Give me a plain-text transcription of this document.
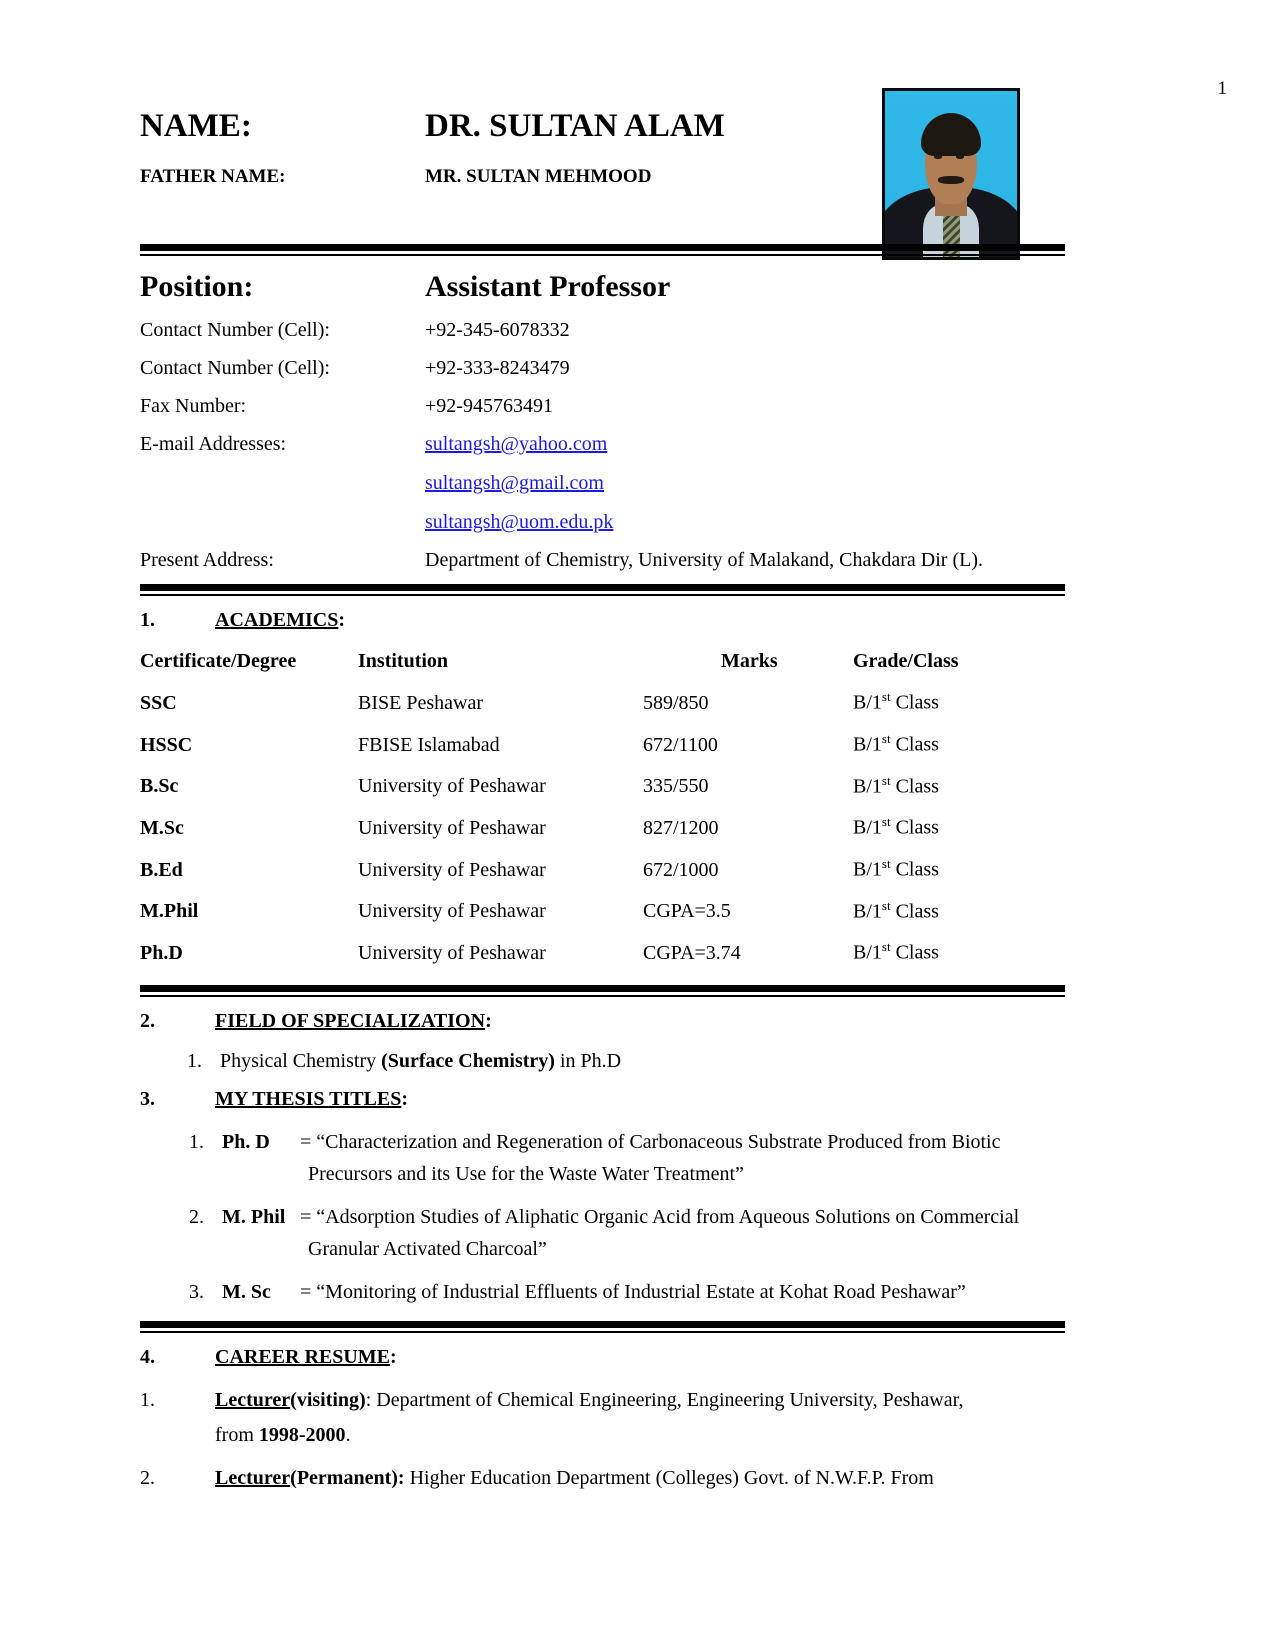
1
NAME:	DR. SULTAN ALAM
FATHER NAME:	MR. SULTAN MEHMOOD
Position:	Assistant Professor
Contact Number (Cell):	+92-345-6078332
Contact Number (Cell):	+92-333-8243479
Fax Number:	+92-945763491
E-mail Addresses:	sultangsh@yahoo.com
sultangsh@gmail.com
sultangsh@uom.edu.pk
Present Address:	Department of Chemistry, University of Malakand, Chakdara Dir (L).
1.	ACADEMICS:
Certificate/Degree	Institution	Marks	Grade/Class
SSC	BISE Peshawar	589/850	B/1st Class
HSSC	FBISE Islamabad	672/1100	B/1st Class
B.Sc	University of Peshawar	335/550	B/1st Class
M.Sc	University of Peshawar	827/1200	B/1st Class
B.Ed	University of Peshawar	672/1000	B/1st Class
M.Phil	University of Peshawar	CGPA=3.5	B/1st Class
Ph.D	University of Peshawar	CGPA=3.74	B/1st Class
2.	FIELD OF SPECIALIZATION:
1. Physical Chemistry (Surface Chemistry) in Ph.D
3.	MY THESIS TITLES:
1. Ph. D	= “Characterization and Regeneration of Carbonaceous Substrate Produced from Biotic
Precursors and its Use for the Waste Water Treatment”
2. M. Phil = “Adsorption Studies of Aliphatic Organic Acid from Aqueous Solutions on Commercial
Granular Activated Charcoal”
3. M. Sc	= “Monitoring of Industrial Effluents of Industrial Estate at Kohat Road Peshawar”
4.	CAREER RESUME:
1.	Lecturer(visiting): Department of Chemical Engineering, Engineering University, Peshawar,
from 1998-2000.
2.	Lecturer(Permanent): Higher Education Department (Colleges) Govt. of N.W.F.P. From
